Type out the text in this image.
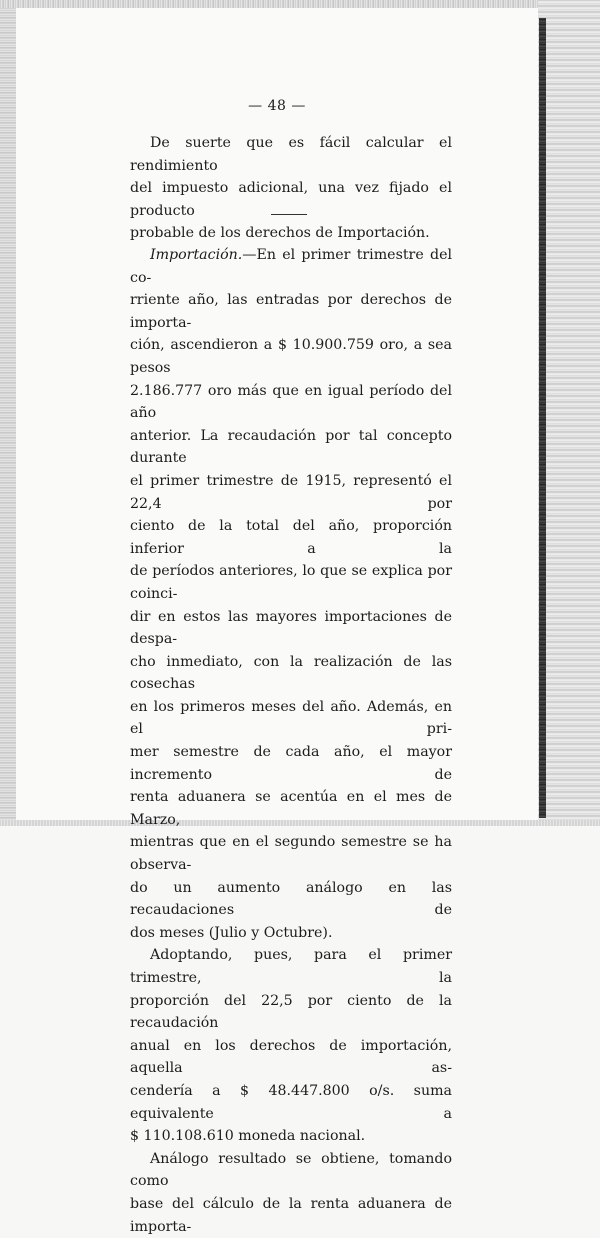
— 48 —

De suerte que es fácil calcular el rendimiento

del impuesto adicional, una vez fijado el producto

probable de los derechos de Importación.

Importación.—En el primer trimestre del co-

rriente año, las entradas por derechos de importa-

ción, ascendieron a $ 10.900.759 oro, a sea pesos

2.186.777 oro más que en igual período del año

anterior. La recaudación por tal concepto durante

el primer trimestre de 1915, representó el 22,4 por

ciento de la total del año, proporción inferior a la

de períodos anteriores, lo que se explica por coinci-

dir en estos las mayores importaciones de despa-

cho inmediato, con la realización de las cosechas

en los primeros meses del año. Además, en el pri-

mer semestre de cada año, el mayor incremento de

renta aduanera se acentúa en el mes de Marzo,

mientras que en el segundo semestre se ha observa-

do un aumento análogo en las recaudaciones de

dos meses (Julio y Octubre).

Adoptando, pues, para el primer trimestre, la

proporción del 22,5 por ciento de la recaudación

anual en los derechos de importación, aquella as-

cendería a $ 48.447.800 o/s. suma equivalente a

$ 110.108.610 moneda nacional.

Análogo resultado se obtiene, tomando como

base del cálculo de la renta aduanera de importa-
